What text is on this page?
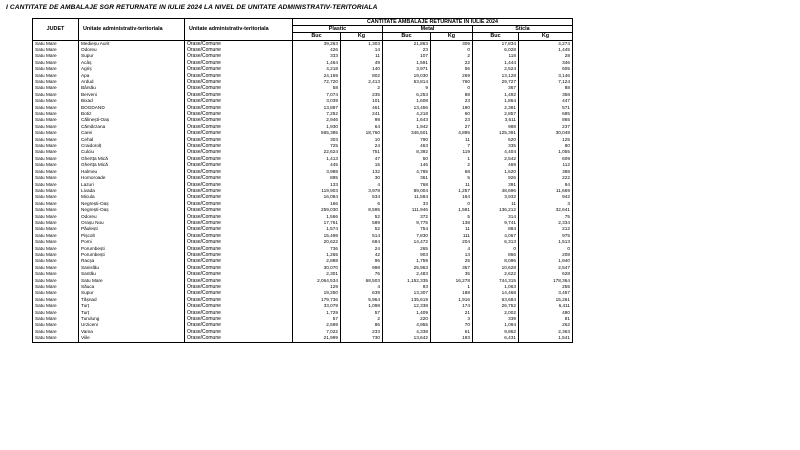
I CANTITATE DE AMBALAJE SGR RETURNATE IN IULIE 2024 LA NIVEL DE UNITATE ADMINISTRATIV-TERITORIALA
JUDET	Unitate administrativ-teritoriala	Unitate administrativ-teritoriala	CANTITATE AMBALAJE RETURNATE IN IULIE 2024					
			Plastic		Metal		Sticla	
			Buc	Kg	Buc	Kg	Buc	Kg
Satu Mare	Medieșu Aurit	Orase/Comune	39,263	1,303	21,863	309	17,834	4,274
Satu Mare	Odoreu	Orase/Comune	426	14	23	0	6,028	1,445
Satu Mare	Supur	Orase/Comune	333	11	107	2	118	28
Satu Mare	Acâș	Orase/Comune	1,464	49	1,591	22	1,444	346
Satu Mare	Agriș	Orase/Comune	4,218	140	3,971	56	2,524	605
Satu Mare	Apa	Orase/Comune	24,169	802	19,030	269	13,128	3,146
Satu Mare	Ardud	Orase/Comune	72,720	2,413	53,814	760	29,727	7,124
Satu Mare	Bârsău	Orase/Comune	58	2	9	0	367	88
Satu Mare	Berveni	Orase/Comune	7,074	235	6,253	88	1,492	358
Satu Mare	Bixad	Orase/Comune	3,039	101	1,608	23	1,864	447
Satu Mare	BOGDAND	Orase/Comune	13,887	461	13,456	190	2,381	571
Satu Mare	Botiz	Orase/Comune	7,252	241	4,218	60	2,857	685
Satu Mare	Călinești-Oaș	Orase/Comune	2,946	98	1,643	23	3,611	865
Satu Mare	Cămărzana	Orase/Comune	1,930	64	1,942	27	988	237
Satu Mare	Carei	Orase/Comune	565,385	18,760	346,501	4,895	125,391	30,048
Satu Mare	Cehal	Orase/Comune	303	10	790	11	520	125
Satu Mare	Craidorolț	Orase/Comune	725	24	463	7	335	80
Satu Mare	Culciu	Orase/Comune	22,624	751	8,392	119	4,404	1,055
Satu Mare	Ghertța Mică	Orase/Comune	1,413	47	50	1	2,542	609
Satu Mare	Ghertța Mică	Orase/Comune	445	15	146	2	469	112
Satu Mare	Halmeu	Orase/Comune	3,988	132	4,785	68	1,620	388
Satu Mare	Homoroade	Orase/Comune	895	30	361	5	926	222
Satu Mare	Lazuri	Orase/Comune	133	4	768	11	391	94
Satu Mare	Livada	Orase/Comune	119,903	3,978	89,004	1,257	48,696	11,669
Satu Mare	Micula	Orase/Comune	16,084	534	11,584	164	3,932	942
Satu Mare	Negrești-Oaș	Orase/Comune	166	6	33	0	11	3
Satu Mare	Negrești-Oaș	Orase/Comune	259,030	8,595	111,946	1,581	136,212	32,641
Satu Mare	Odoreu	Orase/Comune	1,566	52	372	5	314	75
Satu Mare	Orașu Nou	Orase/Comune	17,761	589	9,775	138	9,741	2,334
Satu Mare	Păulești	Orase/Comune	1,574	52	754	11	884	212
Satu Mare	Pișcolt	Orase/Comune	15,498	514	7,830	111	4,067	975
Satu Mare	Pomi	Orase/Comune	20,622	684	14,472	204	6,313	1,513
Satu Mare	Porumbești	Orase/Comune	736	24	265	4	0	0
Satu Mare	Porumbești	Orase/Comune	1,265	42	903	13	866	208
Satu Mare	Racșa	Orase/Comune	2,888	96	1,759	25	8,096	1,940
Satu Mare	Sanislău	Orase/Comune	30,070	998	25,963	367	10,628	2,547
Satu Mare	Santău	Orase/Comune	2,301	76	2,483	35	2,622	628
Satu Mare	Satu Mare	Orase/Comune	2,064,534	68,503	1,152,335	16,278	744,315	178,364
Satu Mare	Săuca	Orase/Comune	129	4	93	1	1,063	255
Satu Mare	Supur	Orase/Comune	19,250	639	13,307	188	14,468	3,467
Satu Mare	Tășnad	Orase/Comune	179,736	5,964	135,619	1,916	63,684	15,261
Satu Mare	Turț	Orase/Comune	33,079	1,098	12,338	174	26,752	6,411
Satu Mare	Turț	Orase/Comune	1,729	57	1,409	21	2,002	480
Satu Mare	Turulung	Orase/Comune	57	2	220	3	339	81
Satu Mare	Urziceni	Orase/Comune	2,599	86	4,955	70	1,094	262
Satu Mare	Vama	Orase/Comune	7,022	233	4,338	61	9,862	2,363
Satu Mare	Viile	Orase/Comune	21,999	730	13,642	193	6,431	1,541
